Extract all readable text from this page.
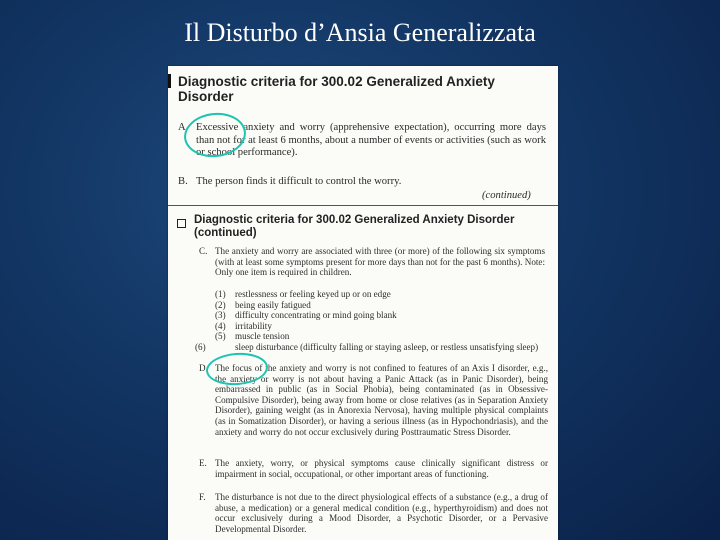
Il Disturbo d’Ansia Generalizzata
Diagnostic criteria for 300.02 Generalized Anxiety Disorder
A. Excessive anxiety and worry (apprehensive expectation), occurring more days than not for at least 6 months, about a number of events or activities (such as work or school performance).
B. The person finds it difficult to control the worry.
(continued)
Diagnostic criteria for 300.02 Generalized Anxiety Disorder (continued)
C. The anxiety and worry are associated with three (or more) of the following six symptoms (with at least some symptoms present for more days than not for the past 6 months). Note: Only one item is required in children.
(1) restlessness or feeling keyed up or on edge
(2) being easily fatigued
(3) difficulty concentrating or mind going blank
(4) irritability
(5) muscle tension
(6)	sleep disturbance (difficulty falling or staying asleep, or restless unsatisfying sleep)
D. The focus of the anxiety and worry is not confined to features of an Axis I disorder, e.g., the anxiety or worry is not about having a Panic Attack (as in Panic Disorder), being embarrassed in public (as in Social Phobia), being contaminated (as in Obsessive-Compulsive Disorder), being away from home or close relatives (as in Separation Anxiety Disorder), gaining weight (as in Anorexia Nervosa), having multiple physical complaints (as in Somatization Disorder), or having a serious illness (as in Hypochondriasis), and the anxiety and worry do not occur exclusively during Posttraumatic Stress Disorder.
E. The anxiety, worry, or physical symptoms cause clinically significant distress or impairment in social, occupational, or other important areas of functioning.
F. The disturbance is not due to the direct physiological effects of a substance (e.g., a drug of abuse, a medication) or a general medical condition (e.g., hyperthyroidism) and does not occur exclusively during a Mood Disorder, a Psychotic Disorder, or a Pervasive Developmental Disorder.
